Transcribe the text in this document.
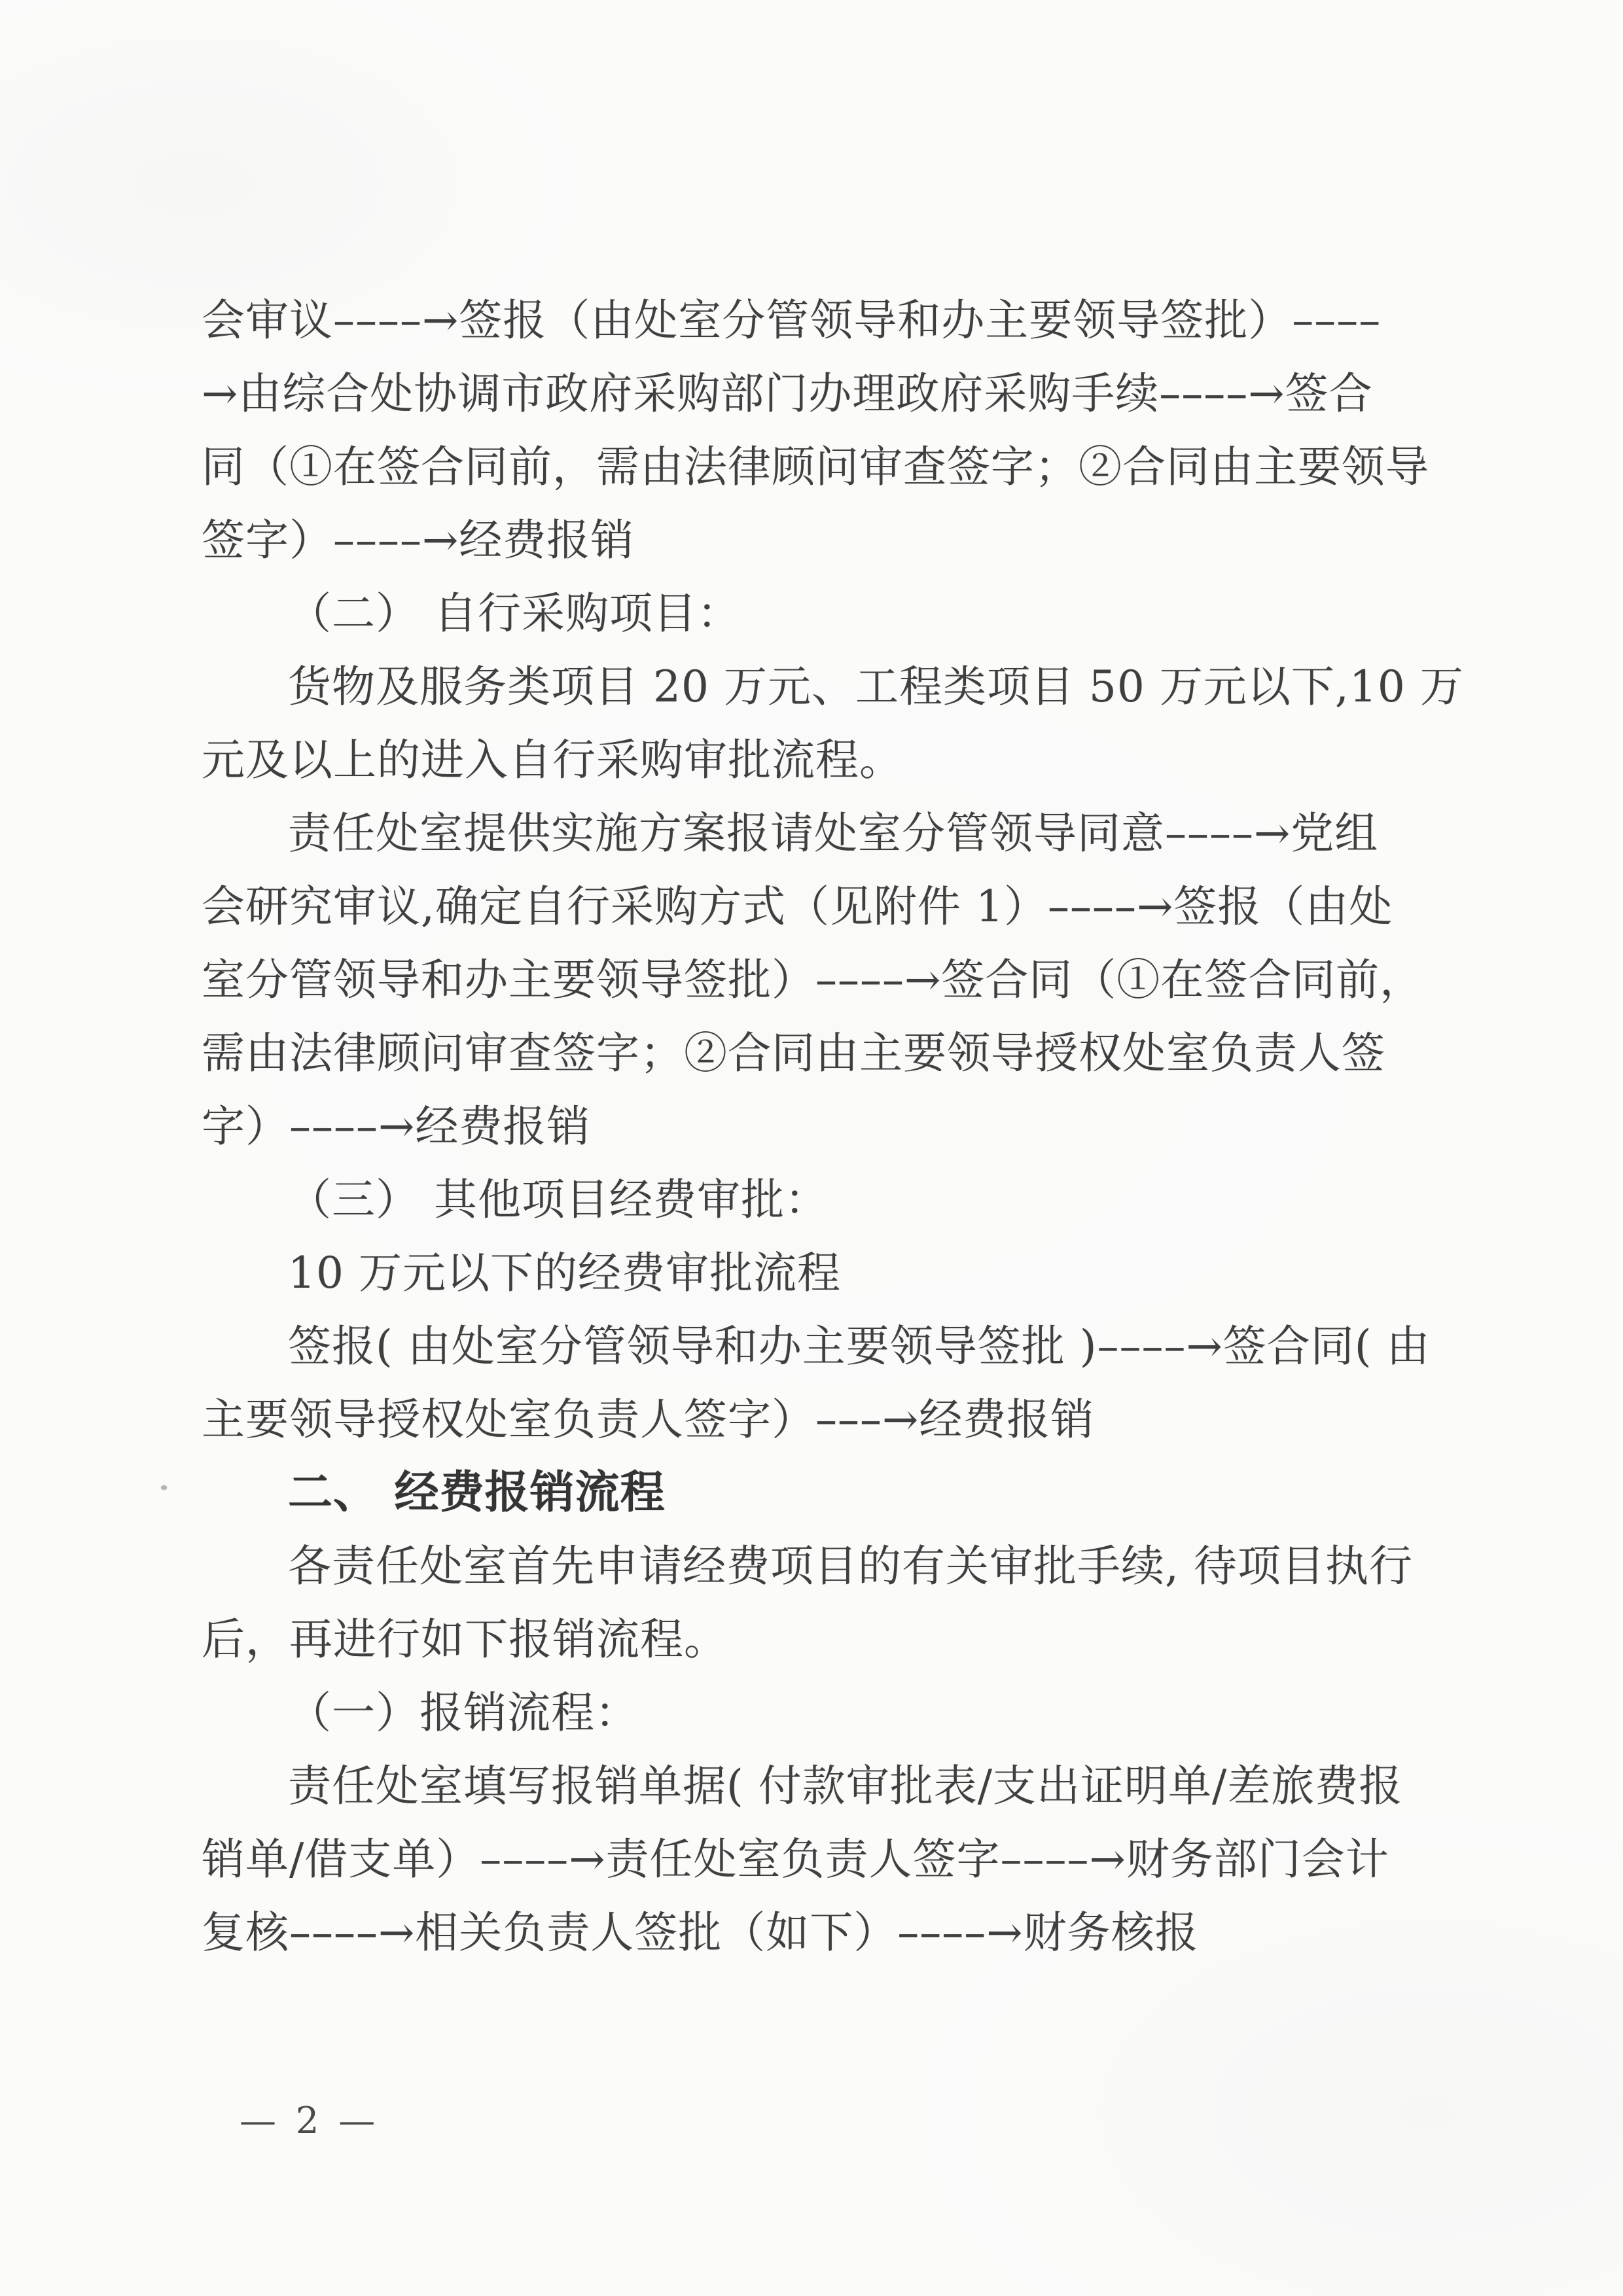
会审议––––→签报（由处室分管领导和办主要领导签批）––––
→由综合处协调市政府采购部门办理政府采购手续––––→签合
同（①在签合同前，需由法律顾问审查签字；②合同由主要领导
签字）––––→经费报销
（二） 自行采购项目：
货物及服务类项目 20 万元、工程类项目 50 万元以下,10 万
元及以上的进入自行采购审批流程。
责任处室提供实施方案报请处室分管领导同意––––→党组
会研究审议,确定自行采购方式（见附件 1）––––→签报（由处
室分管领导和办主要领导签批）––––→签合同（①在签合同前，
需由法律顾问审查签字；②合同由主要领导授权处室负责人签
字）––––→经费报销
（三） 其他项目经费审批：
10 万元以下的经费审批流程
签报( 由处室分管领导和办主要领导签批 )––––→签合同( 由
主要领导授权处室负责人签字）–––→经费报销
二、 经费报销流程
各责任处室首先申请经费项目的有关审批手续, 待项目执行
后，再进行如下报销流程。
（一）报销流程：
责任处室填写报销单据( 付款审批表/支出证明单/差旅费报
销单/借支单）––––→责任处室负责人签字––––→财务部门会计
复核––––→相关负责人签批（如下）––––→财务核报
— 2 —
